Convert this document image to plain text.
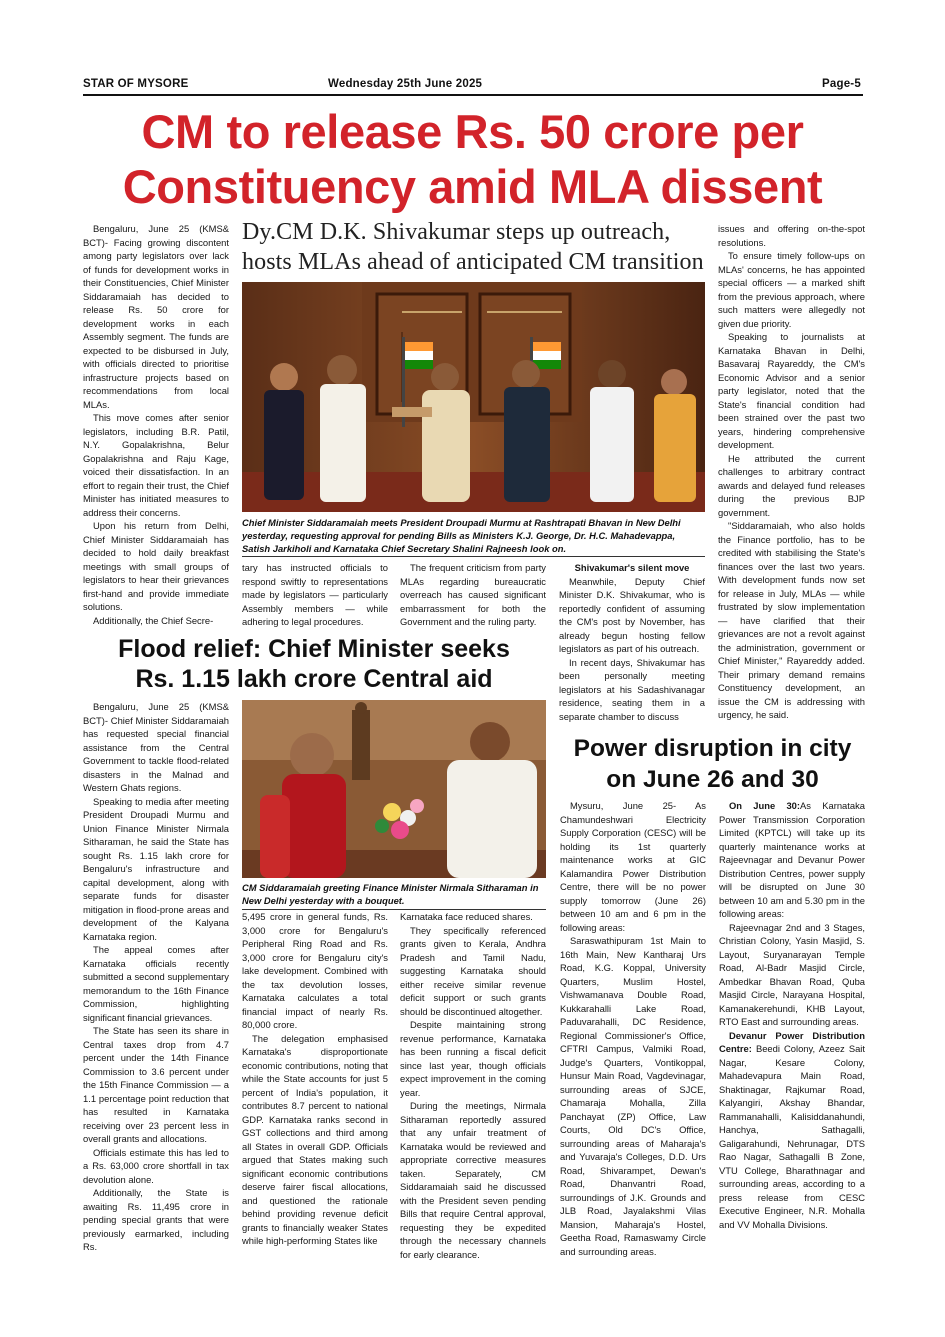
STAR OF MYSORE	Wednesday 25th June 2025	Page-5
CM to release Rs. 50 crore per
Constituency amid MLA dissent

Bengaluru, June 25 (KMS& BCT)- Facing growing discontent among party legislators over lack of funds for development works in their Constituencies, Chief Minister Siddaramaiah has decided to release Rs. 50 crore for development works in each Assembly segment. The funds are expected to be disbursed in July, with officials directed to prioritise infrastructure projects based on recommendations from local MLAs.

This move comes after senior legislators, including B.R. Patil, N.Y. Gopalakrishna, Belur Gopalakrishna and Raju Kage, voiced their dissatisfaction. In an effort to regain their trust, the Chief Minister has initiated measures to address their concerns.

Upon his return from Delhi, Chief Minister Siddaramaiah has decided to hold daily breakfast meetings with small groups of legislators to hear their grievances first-hand and provide immediate solutions.

Additionally, the Chief Secre-

Dy.CM D.K. Shivakumar steps up outreach,
hosts MLAs ahead of anticipated CM transition
Chief Minister Siddaramaiah meets President Droupadi Murmu at Rashtrapati Bhavan in New Delhi yesterday, requesting approval for pending Bills as Ministers K.J. George, Dr. H.C. Mahadevappa, Satish Jarkiholi and Karnataka Chief Secretary Shalini Rajneesh look on.

tary has instructed officials to respond swiftly to representations made by legislators — particularly Assembly members — while adhering to legal procedures.

The frequent criticism from party MLAs regarding bureaucratic overreach has caused significant embarrassment for both the Government and the ruling party.

Shivakumar's silent move

Meanwhile, Deputy Chief Minister D.K. Shivakumar, who is reportedly confident of assuming the CM's post by November, has already begun hosting fellow legislators as part of his outreach.

In recent days, Shivakumar has been personally meeting legislators at his Sadashivanagar residence, seating them in a separate chamber to discuss

issues and offering on-the-spot resolutions.

To ensure timely follow-ups on MLAs' concerns, he has appointed special officers — a marked shift from the previous approach, where such matters were allegedly not given due priority.

Speaking to journalists at Karnataka Bhavan in Delhi, Basavaraj Rayareddy, the CM's Economic Advisor and a senior party legislator, noted that the State's financial condition had been strained over the past two years, hindering comprehensive development.

He attributed the current challenges to arbitrary contract awards and delayed fund releases during the previous BJP government.

"Siddaramaiah, who also holds the Finance portfolio, has to be credited with stabilising the State's finances over the last two years. With development funds now set for release in July, MLAs — while frustrated by slow implementation — have clarified that their grievances are not a revolt against the administration, government or Chief Minister," Rayareddy added. Their primary demand remains Constituency development, an issue the CM is addressing with urgency, he said.

Flood relief: Chief Minister seeks
Rs. 1.15 lakh crore Central aid

Bengaluru, June 25 (KMS& BCT)- Chief Minister Siddaramaiah has requested special financial assistance from the Central Government to tackle flood-related disasters in the Malnad and Western Ghats regions.

Speaking to media after meeting President Droupadi Murmu and Union Finance Minister Nirmala Sitharaman, he said the State has sought Rs. 1.15 lakh crore for Bengaluru's infrastructure and capital development, along with separate funds for disaster mitigation in flood-prone areas and development of the Kalyana Karnataka region.

The appeal comes after Karnataka officials recently submitted a second supplementary memorandum to the 16th Finance Commission, highlighting significant financial grievances.

The State has seen its share in Central taxes drop from 4.7 percent under the 14th Finance Commission to 3.6 percent under the 15th Finance Commission — a 1.1 percentage point reduction that has resulted in Karnataka receiving over 23 percent less in overall grants and allocations.

Officials estimate this has led to a Rs. 63,000 crore shortfall in tax devolution alone.

Additionally, the State is awaiting Rs. 11,495 crore in pending special grants that were previously earmarked, including Rs.

CM Siddaramaiah greeting Finance Minister Nirmala Sitharaman in New Delhi yesterday with a bouquet.

5,495 crore in general funds, Rs. 3,000 crore for Bengaluru's Peripheral Ring Road and Rs. 3,000 crore for Bengaluru city's lake development. Combined with the tax devolution losses, Karnataka calculates a total financial impact of nearly Rs. 80,000 crore.

The delegation emphasised Karnataka's disproportionate economic contributions, noting that while the State accounts for just 5 percent of India's population, it contributes 8.7 percent to national GDP. Karnataka ranks second in GST collections and third among all States in overall GDP. Officials argued that States making such significant economic contributions deserve fairer fiscal allocations, and questioned the rationale behind providing revenue deficit grants to financially weaker States while high-performing States like

Karnataka face reduced shares.

They specifically referenced grants given to Kerala, Andhra Pradesh and Tamil Nadu, suggesting Karnataka should either receive similar revenue deficit support or such grants should be discontinued altogether.

Despite maintaining strong revenue performance, Karnataka has been running a fiscal deficit since last year, though officials expect improvement in the coming year.

During the meetings, Nirmala Sitharaman reportedly assured that any unfair treatment of Karnataka would be reviewed and appropriate corrective measures taken. Separately, CM Siddaramaiah said he discussed with the President seven pending Bills that require Central approval, requesting they be expedited through the necessary channels for early clearance.

Power disruption in city
on June 26 and 30

Mysuru, June 25- As Chamundeshwari Electricity Supply Corporation (CESC) will be holding its 1st quarterly maintenance works at GIC Kalamandira Power Distribution Centre, there will be no power supply tomorrow (June 26) between 10 am and 6 pm in the following areas:

Saraswathipuram 1st Main to 16th Main, New Kantharaj Urs Road, K.G. Koppal, University Quarters, Muslim Hostel, Vishwamanava Double Road, Kukkarahalli Lake Road, Paduvarahalli, DC Residence, Regional Commissioner's Office, CFTRI Campus, Valmiki Road, Judge's Quarters, Vontikoppal, Hunsur Main Road, Vagdevinagar, surrounding areas of SJCE, Chamaraja Mohalla, Zilla Panchayat (ZP) Office, Law Courts, Old DC's Office, surrounding areas of Maharaja's and Yuvaraja's Colleges, D.D. Urs Road, Shivarampet, Dewan's Road, Dhanvantri Road, surroundings of J.K. Grounds and JLB Road, Jayalakshmi Vilas Mansion, Maharaja's Hostel, Geetha Road, Ramaswamy Circle and surrounding areas.

On June 30:As Karnataka Power Transmission Corporation Limited (KPTCL) will take up its quarterly maintenance works at Rajeevnagar and Devanur Power Distribution Centres, power supply will be disrupted on June 30 between 10 am and 5.30 pm in the following areas:

Rajeevnagar 2nd and 3 Stages, Christian Colony, Yasin Masjid, S. Layout, Suryanarayan Temple Road, Al-Badr Masjid Circle, Ambedkar Bhavan Road, Quba Masjid Circle, Narayana Hospital, Kamanakerehundi, KHB Layout, RTO East and surrounding areas.

Devanur Power Distribution Centre: Beedi Colony, Azeez Sait Nagar, Kesare Colony, Mahadevapura Main Road, Shaktinagar, Rajkumar Road, Kalyangiri, Akshay Bhandar, Rammanahalli, Kalisiddanahundi, Hanchya, Sathagalli, Galigarahundi, Nehrunagar, DTS Rao Nagar, Sathagalli B Zone, VTU College, Bharathnagar and surrounding areas, according to a press release from CESC Executive Engineer, N.R. Mohalla and VV Mohalla Divisions.
